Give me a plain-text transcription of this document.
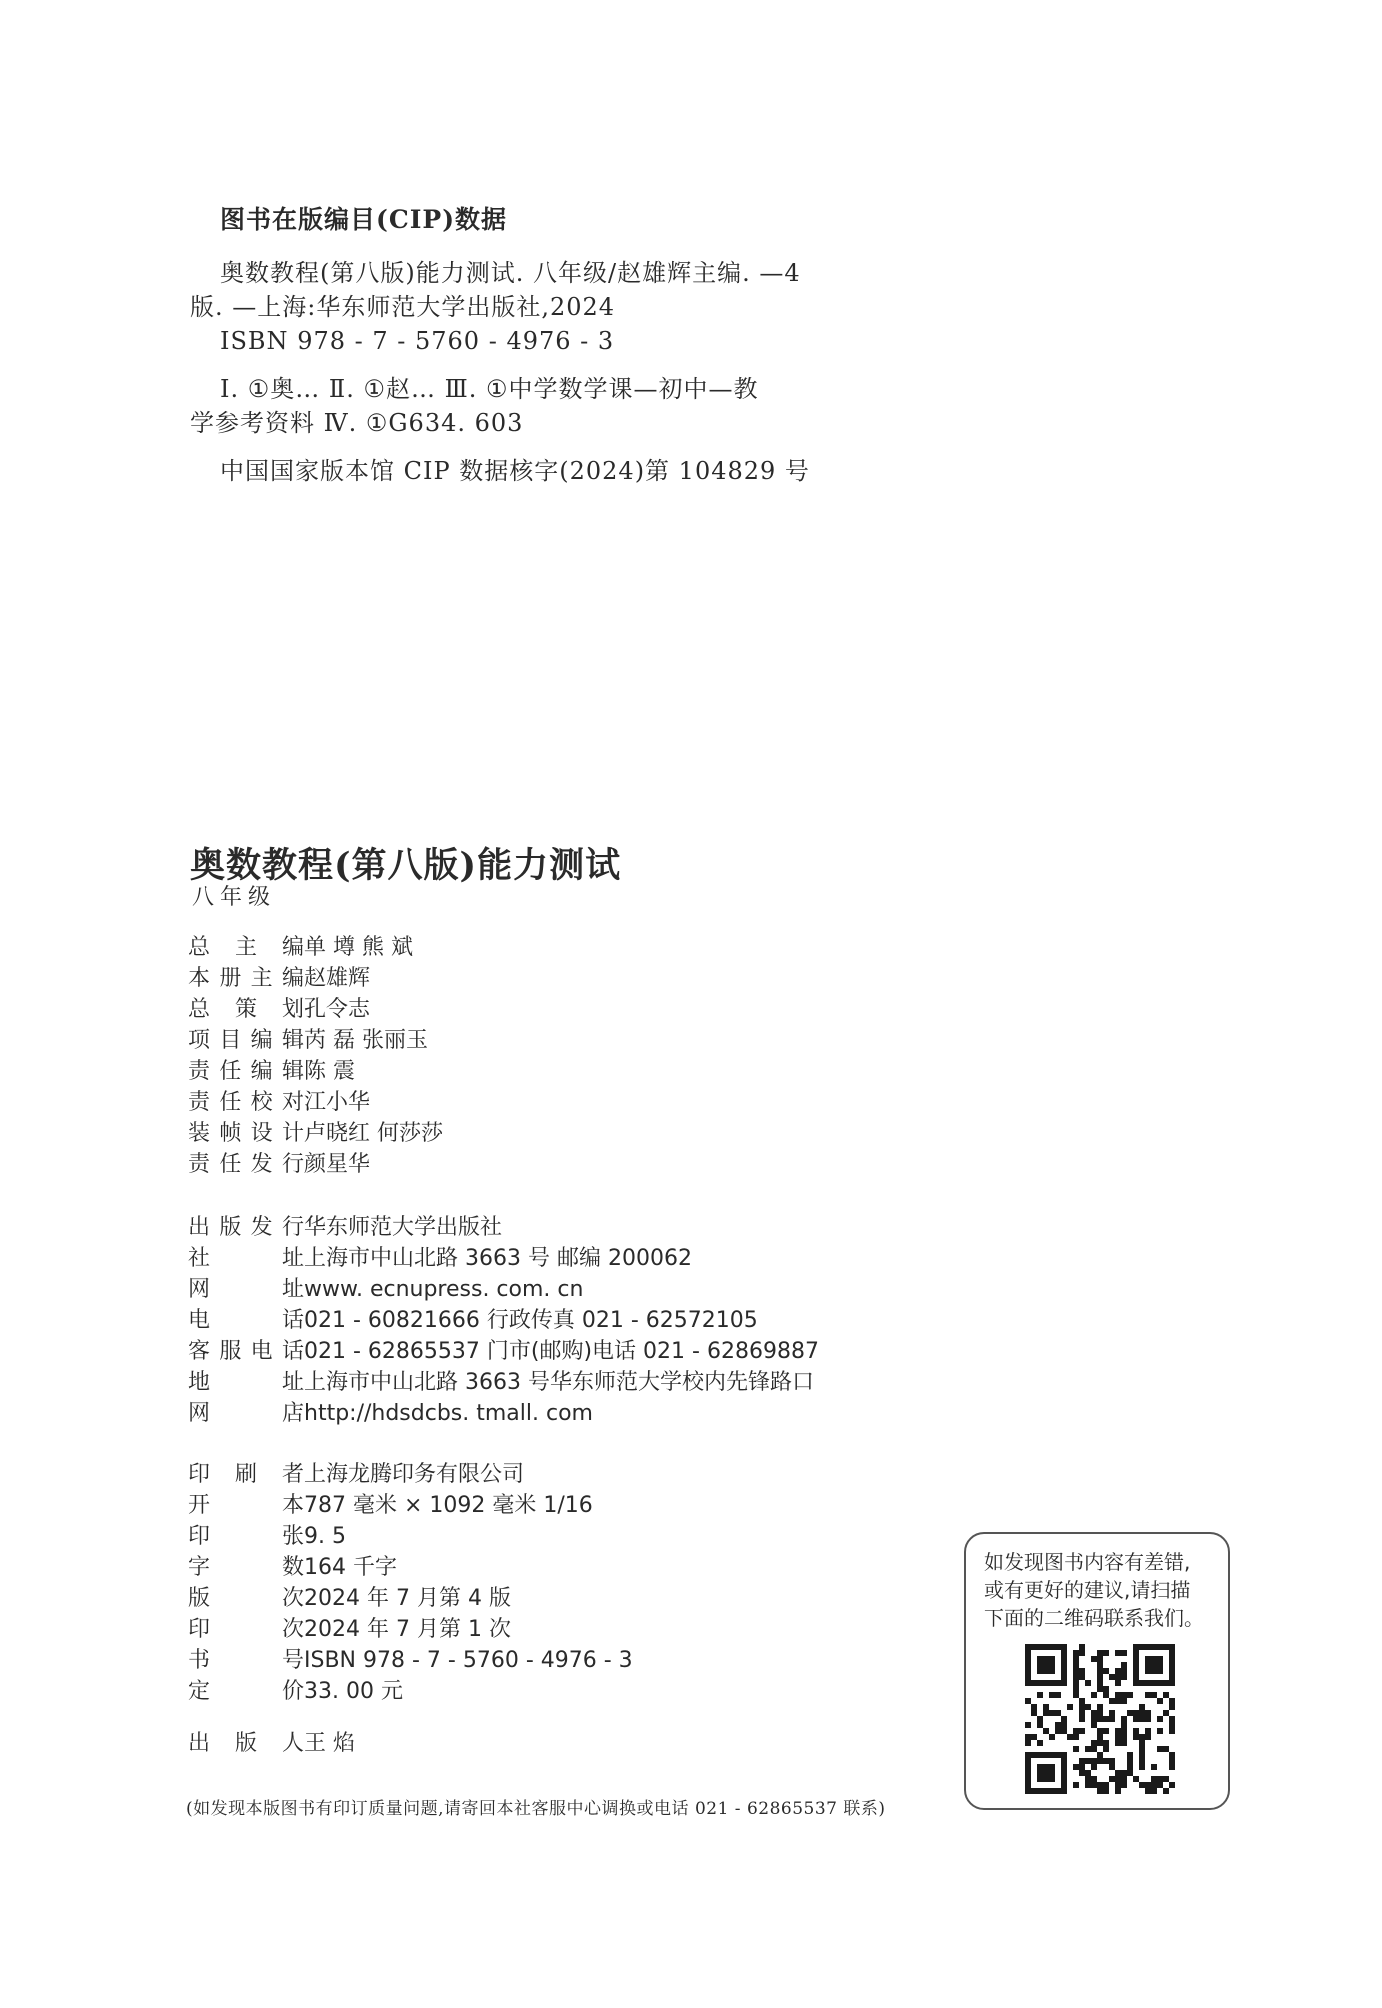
图书在版编目(CIP)数据
奥数教程(第八版)能力测试. 八年级/赵雄辉主编. —4
版. —上海:华东师范大学出版社,2024
ISBN 978 - 7 - 5760 - 4976 - 3
Ⅰ. ①奥… Ⅱ. ①赵… Ⅲ. ①中学数学课—初中—教
学参考资料 Ⅳ. ①G634. 603
中国国家版本馆 CIP 数据核字(2024)第 104829 号
奥数教程(第八版)能力测试
八年级
总主编 单 墫 熊 斌
本册主编 赵雄辉
总策划 孔令志
项目编辑 芮 磊 张丽玉
责任编辑 陈 震
责任校对 江小华
装帧设计 卢晓红 何莎莎
责任发行 颜星华
出版发行 华东师范大学出版社
社址 上海市中山北路 3663 号 邮编 200062
网址 www. ecnupress. com. cn
电话 021 - 60821666 行政传真 021 - 62572105
客服电话 021 - 62865537 门市(邮购)电话 021 - 62869887
地址 上海市中山北路 3663 号华东师范大学校内先锋路口
网店 http://hdsdcbs. tmall. com
印刷者 上海龙腾印务有限公司
开本 787 毫米 × 1092 毫米 1/16
印张 9. 5
字数 164 千字
版次 2024 年 7 月第 4 版
印次 2024 年 7 月第 1 次
书号 ISBN 978 - 7 - 5760 - 4976 - 3
定价 33. 00 元
出版人 王 焰
如发现图书内容有差错,
或有更好的建议,请扫描
下面的二维码联系我们。
(如发现本版图书有印订质量问题,请寄回本社客服中心调换或电话 021 - 62865537 联系)
